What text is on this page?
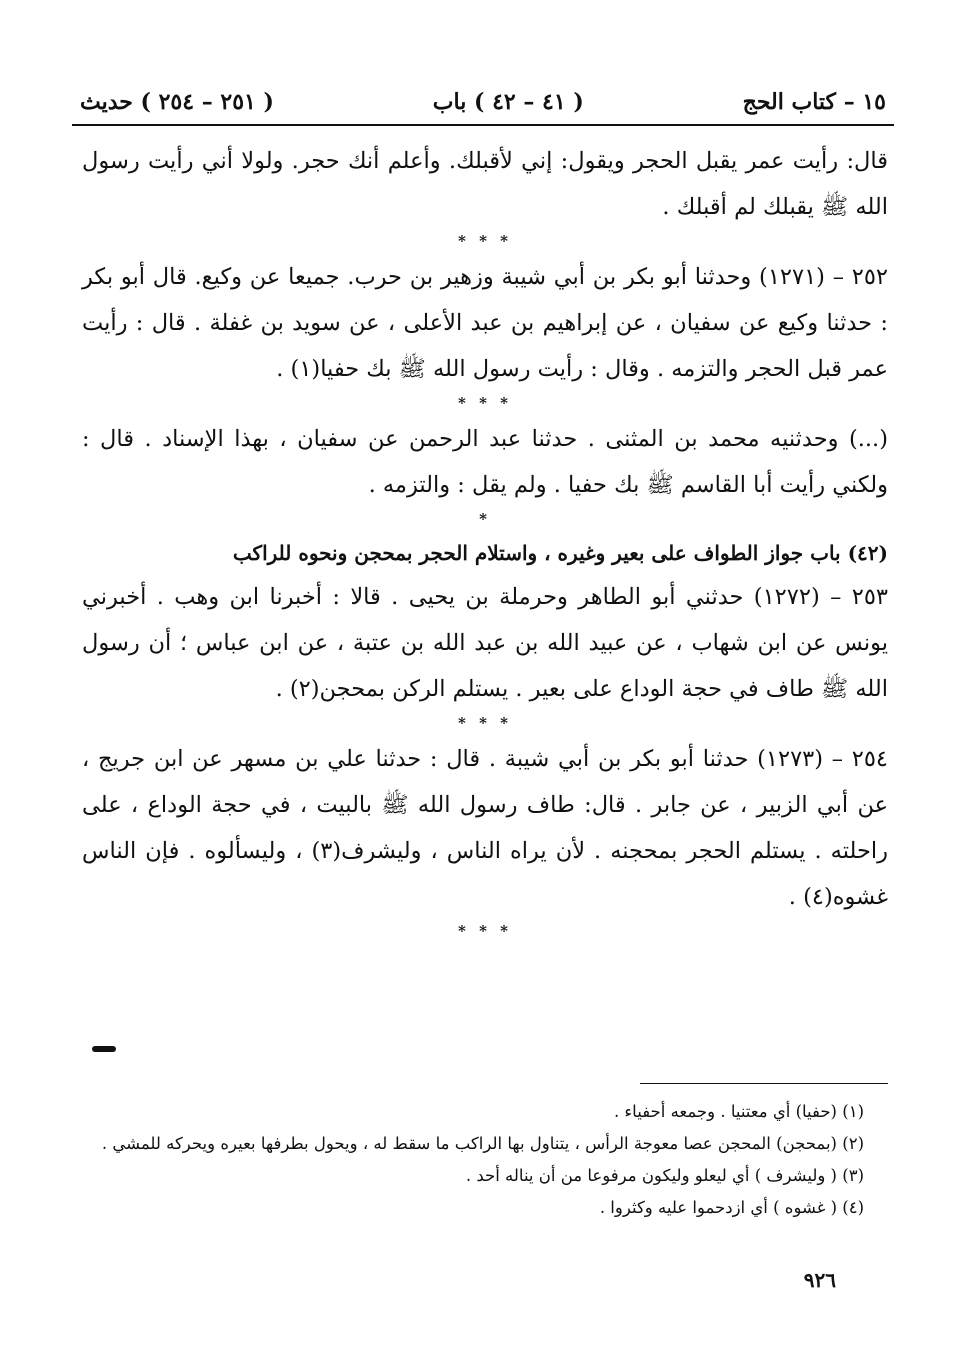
١٥ – كتاب الحج
( ٤١ – ٤٢ ) باب
( ٢٥١ – ٢٥٤ ) حديث

قال: رأيت عمر يقبل الحجر ويقول: إني لأقبلك. وأعلم أنك حجر. ولولا أني رأيت رسول الله ﷺ يقبلك لم أقبلك .

* * *

٢٥٢ – (١٢٧١) وحدثنا أبو بكر بن أبي شيبة وزهير بن حرب. جميعا عن وكيع. قال أبو بكر : حدثنا وكيع عن سفيان ، عن إبراهيم بن عبد الأعلى ، عن سويد بن غفلة . قال : رأيت عمر قبل الحجر والتزمه . وقال : رأيت رسول الله ﷺ بك حفيا(١) .

* * *

(...) وحدثنيه محمد بن المثنى . حدثنا عبد الرحمن عن سفيان ، بهذا الإسناد . قال : ولكني رأيت أبا القاسم ﷺ بك حفيا . ولم يقل : والتزمه .

*

(٤٢) باب جواز الطواف على بعير وغيره ، واستلام الحجر بمحجن ونحوه للراكب

٢٥٣ – (١٢٧٢) حدثني أبو الطاهر وحرملة بن يحيى . قالا : أخبرنا ابن وهب . أخبرني يونس عن ابن شهاب ، عن عبيد الله بن عبد الله بن عتبة ، عن ابن عباس ؛ أن رسول الله ﷺ طاف في حجة الوداع على بعير . يستلم الركن بمحجن(٢) .

* * *

٢٥٤ – (١٢٧٣) حدثنا أبو بكر بن أبي شيبة . قال : حدثنا علي بن مسهر عن ابن جريج ، عن أبي الزبير ، عن جابر . قال: طاف رسول الله ﷺ بالبيت ، في حجة الوداع ، على راحلته . يستلم الحجر بمحجنه . لأن يراه الناس ، وليشرف(٣) ، وليسألوه . فإن الناس غشوه(٤) .

* * *
(١) (حفيا) أي معتنيا . وجمعه أحفياء .
(٢) (بمحجن) المحجن عصا معوجة الرأس ، يتناول بها الراكب ما سقط له ، ويحول بطرفها بعيره ويحركه للمشي .
(٣) ( وليشرف ) أي ليعلو وليكون مرفوعا من أن يناله أحد .
(٤) ( غشوه ) أي ازدحموا عليه وكثروا .
٩٢٦
